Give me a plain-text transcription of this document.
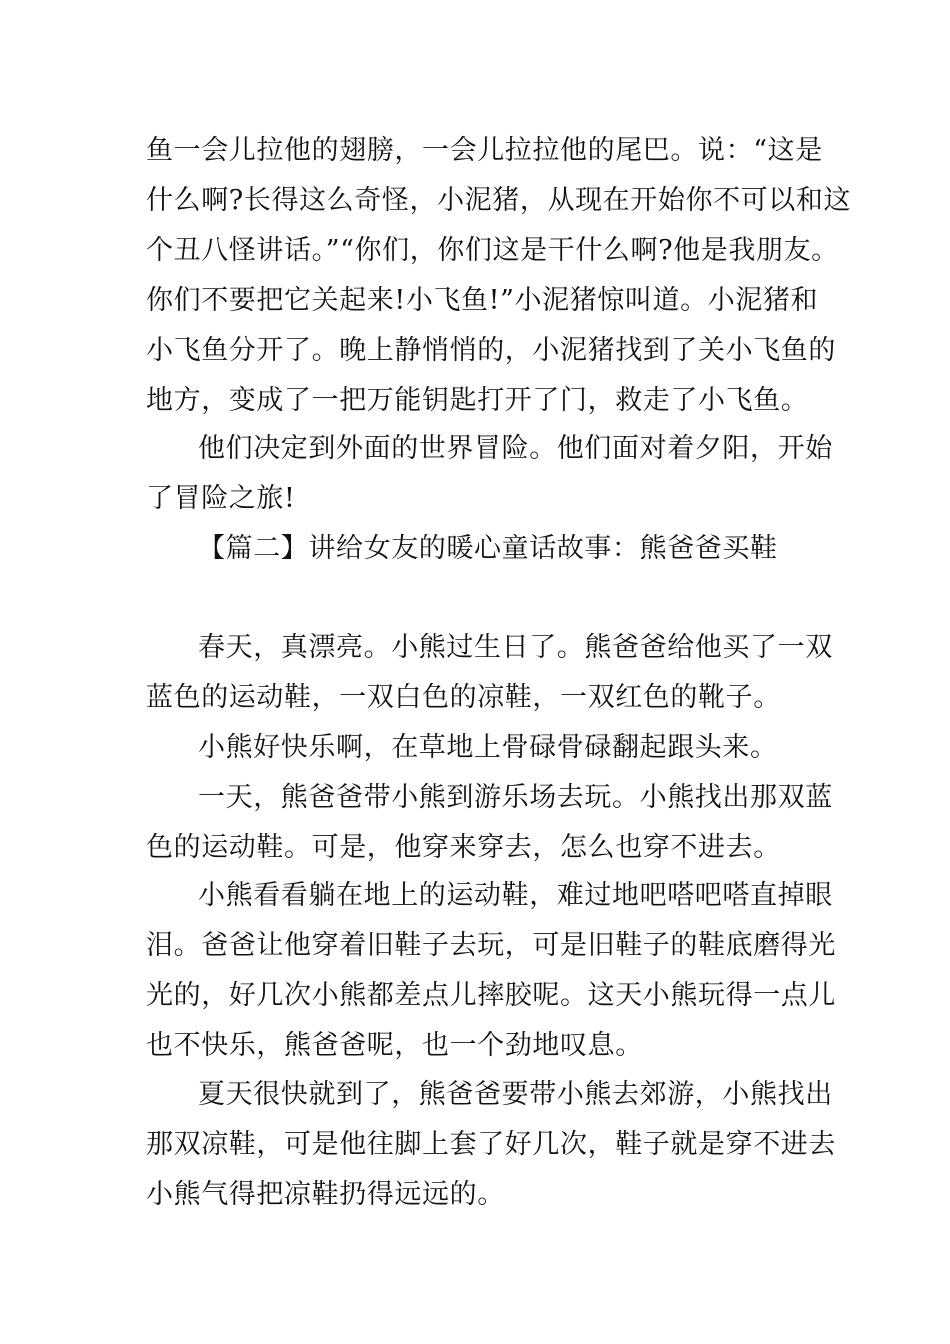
鱼一会儿拉他的翅膀，一会儿拉拉他的尾巴。说：“这是

什么啊?长得这么奇怪，小泥猪，从现在开始你不可以和这

个丑八怪讲话。”“你们，你们这是干什么啊?他是我朋友。

你们不要把它关起来!小飞鱼!”小泥猪惊叫道。小泥猪和

小飞鱼分开了。晚上静悄悄的，小泥猪找到了关小飞鱼的

地方，变成了一把万能钥匙打开了门，救走了小飞鱼。

他们决定到外面的世界冒险。他们面对着夕阳，开始

了冒险之旅!

【篇二】讲给女友的暖心童话故事：熊爸爸买鞋

春天，真漂亮。小熊过生日了。熊爸爸给他买了一双

蓝色的运动鞋，一双白色的凉鞋，一双红色的靴子。

小熊好快乐啊，在草地上骨碌骨碌翻起跟头来。

一天，熊爸爸带小熊到游乐场去玩。小熊找出那双蓝

色的运动鞋。可是，他穿来穿去，怎么也穿不进去。

小熊看看躺在地上的运动鞋，难过地吧嗒吧嗒直掉眼

泪。爸爸让他穿着旧鞋子去玩，可是旧鞋子的鞋底磨得光

光的，好几次小熊都差点儿摔胶呢。这天小熊玩得一点儿

也不快乐，熊爸爸呢，也一个劲地叹息。

夏天很快就到了，熊爸爸要带小熊去郊游，小熊找出

那双凉鞋，可是他往脚上套了好几次，鞋子就是穿不进去

小熊气得把凉鞋扔得远远的。
